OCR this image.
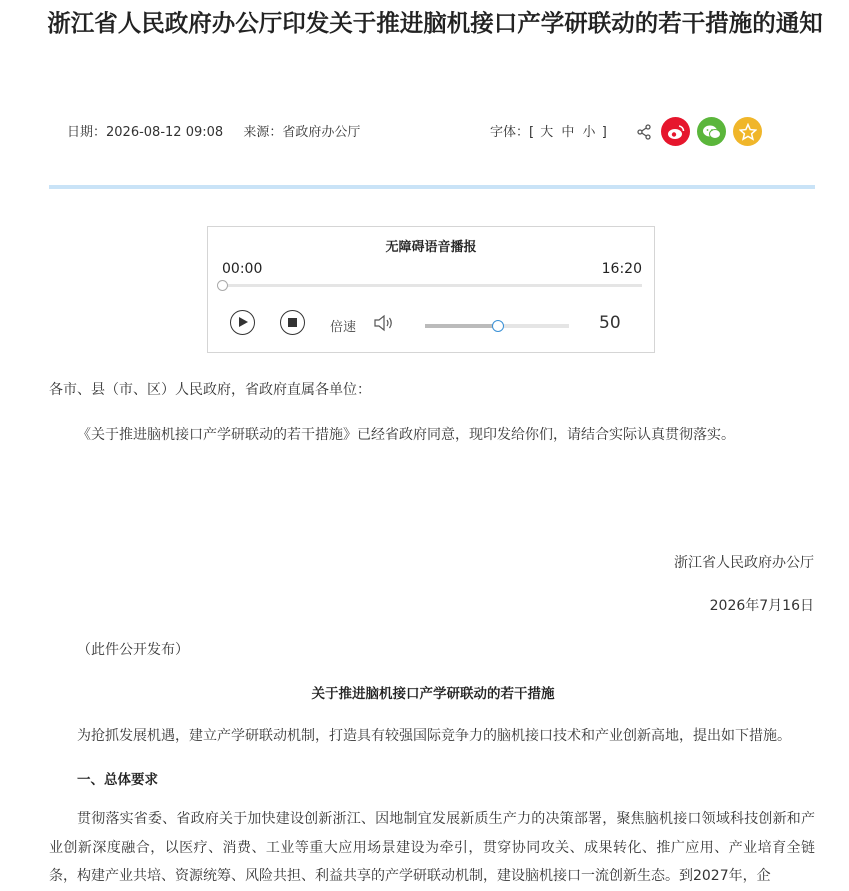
浙江省人民政府办公厅印发关于推进脑机接口产学研联动的若干措施的通知
日期：2026-08-12 09:08 来源：省政府办公厅	字体：[ 大 中 小 ]
无障碍语音播报
00:00	16:20
倍速	50
各市、县（市、区）人民政府，省政府直属各单位：
《关于推进脑机接口产学研联动的若干措施》已经省政府同意，现印发给你们，请结合实际认真贯彻落实。
浙江省人民政府办公厅
2026年7月16日
（此件公开发布）
关于推进脑机接口产学研联动的若干措施
为抢抓发展机遇，建立产学研联动机制，打造具有较强国际竞争力的脑机接口技术和产业创新高地，提出如下措施。
一、总体要求
贯彻落实省委、省政府关于加快建设创新浙江、因地制宜发展新质生产力的决策部署，聚焦脑机接口领域科技创新和产业创新深度融合，以医疗、消费、工业等重大应用场景建设为牵引，贯穿协同攻关、成果转化、推广应用、产业培育全链条，构建产业共培、资源统筹、风险共担、利益共享的产学研联动机制，建设脑机接口一流创新生态。到2027年，企
